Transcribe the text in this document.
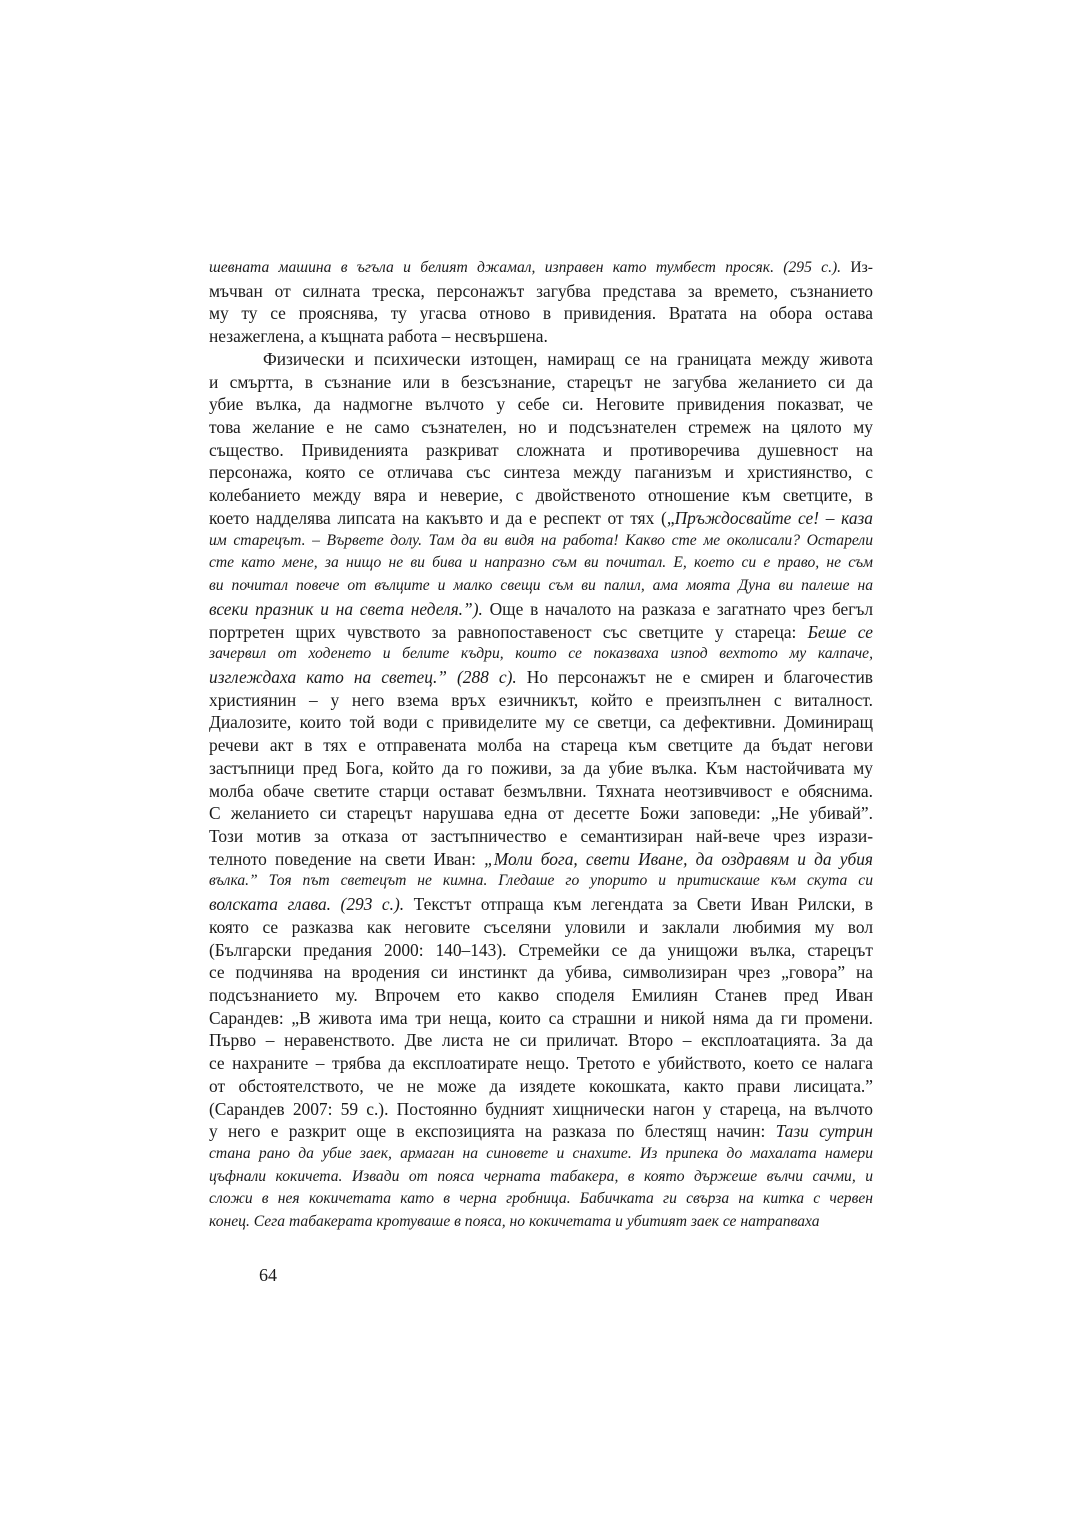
шевната машина в ъгъла и белият джамал, изправен като тумбест просяк. (295 с.). Из-
мъчван от силната треска, персонажът загубва представа за времето, съзнанието
му ту се прояснява, ту угасва отново в привидения. Вратата на обора остава
незажеглена, а къщната работа – несвършена.
Физически и психически изтощен, намиращ се на границата между живота
и смъртта, в съзнание или в безсъзнание, старецът не загубва желанието си да
убие вълка, да надмогне вълчото у себе си. Неговите привидения показват, че
това желание е не само съзнателен, но и подсъзнателен стремеж на цялото му
същество. Привиденията разкриват сложната и противоречива душевност на
персонажа, която се отличава със синтеза между паганизъм и християнство, с
колебанието между вяра и неверие, с двойственото отношение към светците, в
което надделява липсата на какъвто и да е респект от тях („Пръждосвайте се! – каза
им старецът. – Вървете долу. Там да ви видя на работа! Какво сте ме околисали? Остарели
сте като мене, за нищо не ви бива и напразно съм ви почитал. Е, което си е право, не съм
ви почитал повече от вълците и малко свещи съм ви палил, ама моята Дуна ви палеше на
всеки празник и на света неделя.”). Още в началото на разказа е загатнато чрез бегъл
портретен щрих чувството за равнопоставеност със светците у стареца: Беше се
зачервил от ходенето и белите къдри, които се показваха изпод вехтото му калпаче,
изглеждаха като на светец.” (288 с). Но персонажът не е смирен и благочестив
християнин – у него взема връх езичникът, който е преизпълнен с виталност.
Диалозите, които той води с привиделите му се светци, са дефективни. Доминиращ
речеви акт в тях е отправената молба на стареца към светците да бъдат негови
застъпници пред Бога, който да го поживи, за да убие вълка. Към настойчивата му
молба обаче светите старци остават безмълвни. Тяхната неотзивчивост е обяснима.
С желанието си старецът нарушава една от десетте Божи заповеди: „Не убивай”.
Този мотив за отказа от застъпничество е семантизиран най-вече чрез изрази-
телното поведение на свети Иван: „Моли бога, свети Иване, да оздравям и да убия
вълка.” Тоя път светецът не кимна. Гледаше го упорито и притискаше към скута си
волската глава. (293 с.). Текстът отпраща към легендата за Свети Иван Рилски, в
която се разказва как неговите съселяни уловили и заклали любимия му вол
(Български предания 2000: 140–143). Стремейки се да унищожи вълка, старецът
се подчинява на вродения си инстинкт да убива, символизиран чрез „говора” на
подсъзнанието му. Впрочем ето какво споделя Емилиян Станев пред Иван
Сарандев: „В живота има три неща, които са страшни и никой няма да ги промени.
Първо – неравенството. Две листа не си приличат. Второ – експлоатацията. За да
се нахраните – трябва да експлоатирате нещо. Третото е убийството, което се налага
от обстоятелството, че не може да изядете кокошката, както прави лисицата.”
(Сарандев 2007: 59 с.). Постоянно будният хищнически нагон у стареца, на вълчото
у него е разкрит още в експозицията на разказа по блестящ начин: Тази сутрин
стана рано да убие заек, армаган на синовете и снахите. Из припека до махалата намери
цъфнали кокичета. Извади от пояса черната табакера, в която държеше вълчи сачми, и
сложи в нея кокичетата като в черна гробница. Бабичката ги свърза на китка с червен
конец. Сега табакерата кротуваше в пояса, но кокичетата и убитият заек се натрапваха
64
